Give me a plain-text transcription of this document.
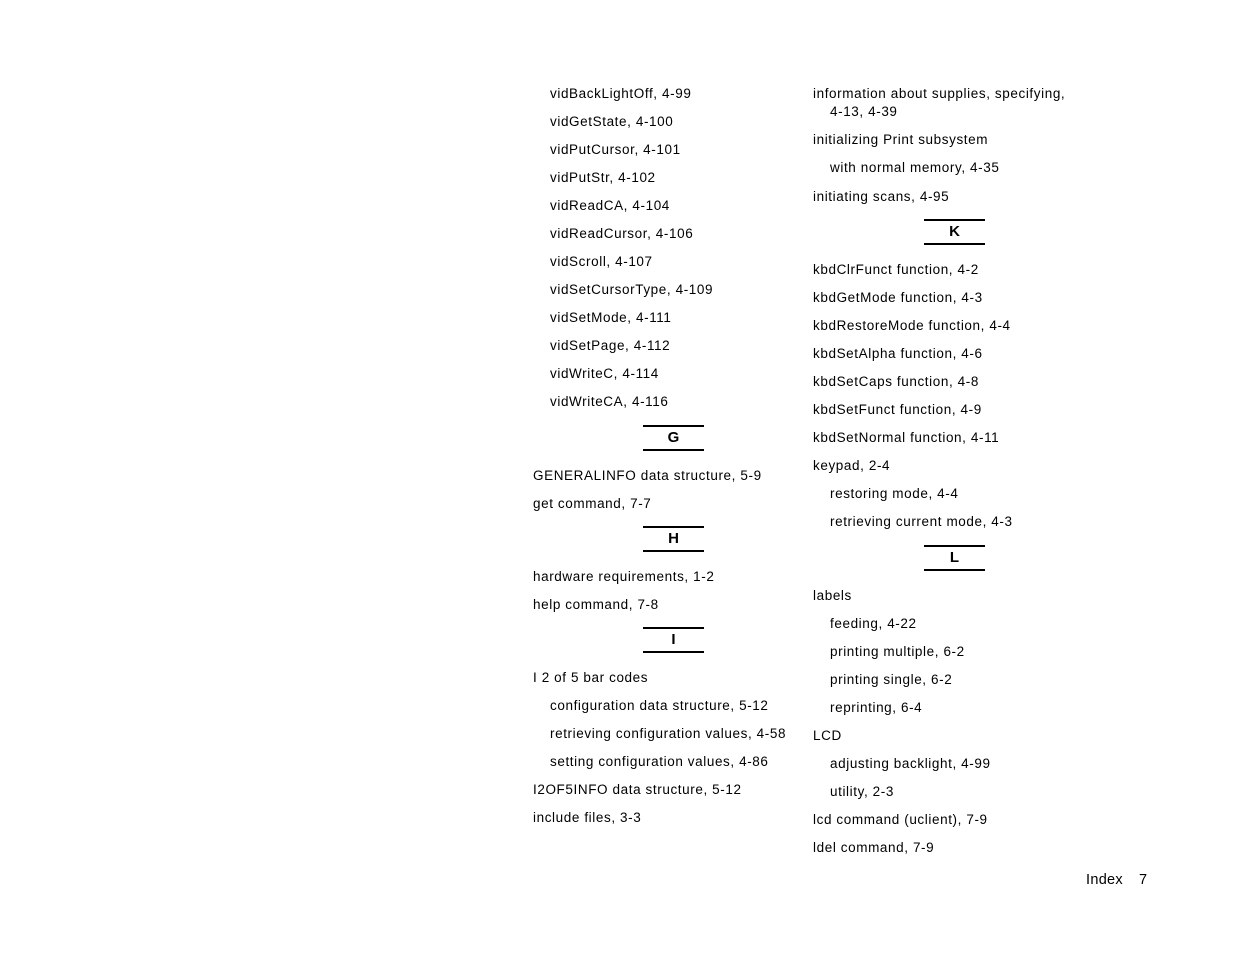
vidBackLightOff, 4-99
vidGetState, 4-100
vidPutCursor, 4-101
vidPutStr, 4-102
vidReadCA, 4-104
vidReadCursor, 4-106
vidScroll, 4-107
vidSetCursorType, 4-109
vidSetMode, 4-111
vidSetPage, 4-112
vidWriteC, 4-114
vidWriteCA, 4-116
G
GENERALINFO data structure, 5-9
get command, 7-7
H
hardware requirements, 1-2
help command, 7-8
I
I 2 of 5 bar codes
configuration data structure, 5-12
retrieving configuration values, 4-58
setting configuration values, 4-86
I2OF5INFO data structure, 5-12
include files, 3-3
information about supplies, specifying,
4-13, 4-39
initializing Print subsystem
with normal memory, 4-35
initiating scans, 4-95
K
kbdClrFunct function, 4-2
kbdGetMode function, 4-3
kbdRestoreMode function, 4-4
kbdSetAlpha function, 4-6
kbdSetCaps function, 4-8
kbdSetFunct function, 4-9
kbdSetNormal function, 4-11
keypad, 2-4
restoring mode, 4-4
retrieving current mode, 4-3
L
labels
feeding, 4-22
printing multiple, 6-2
printing single, 6-2
reprinting, 6-4
LCD
adjusting backlight, 4-99
utility, 2-3
lcd command (uclient), 7-9
ldel command, 7-9
Index 7
